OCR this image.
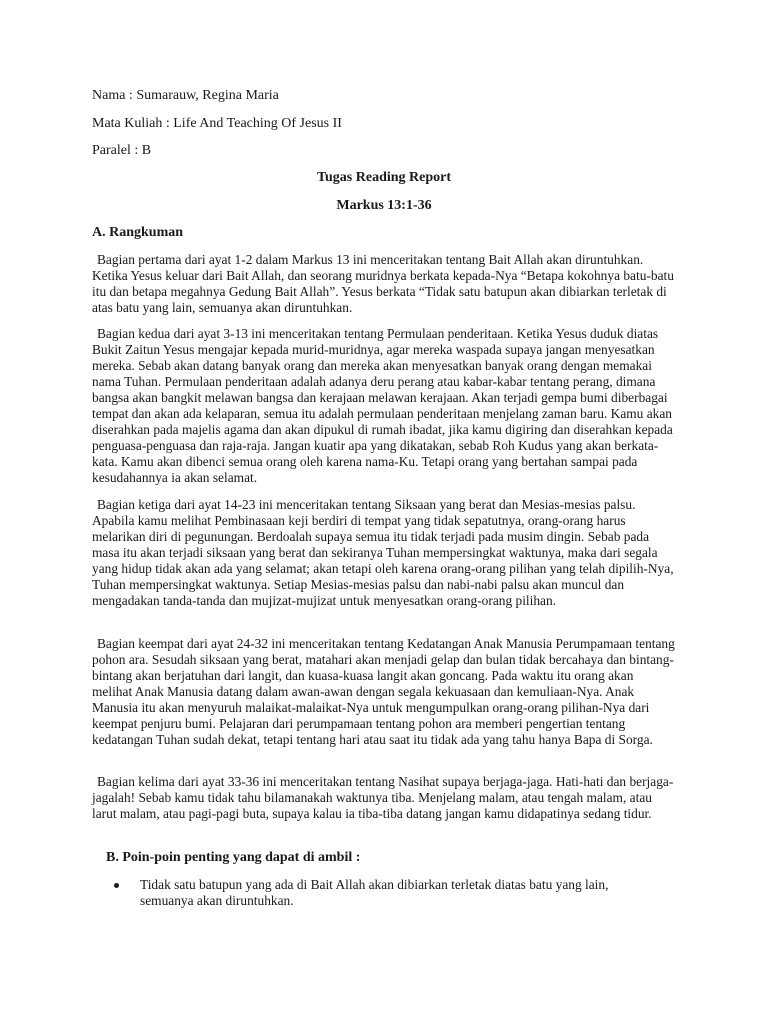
Nama : Sumarauw, Regina Maria
Mata Kuliah : Life And Teaching Of Jesus II
Paralel : B
Tugas Reading Report
Markus 13:1-36
A. Rangkuman

Bagian pertama dari ayat 1-2 dalam Markus 13 ini menceritakan tentang Bait Allah akan diruntuhkan. Ketika Yesus keluar dari Bait Allah, dan seorang muridnya berkata kepada-Nya “Betapa kokohnya batu-batu itu dan betapa megahnya Gedung Bait Allah”. Yesus berkata “Tidak satu batupun akan dibiarkan terletak di atas batu yang lain, semuanya akan diruntuhkan.

Bagian kedua dari ayat 3-13 ini menceritakan tentang Permulaan penderitaan. Ketika Yesus duduk diatas Bukit Zaitun Yesus mengajar kepada murid-muridnya, agar mereka waspada supaya jangan menyesatkan mereka. Sebab akan datang banyak orang dan mereka akan menyesatkan banyak orang dengan memakai nama Tuhan. Permulaan penderitaan adalah adanya deru perang atau kabar-kabar tentang perang, dimana bangsa akan bangkit melawan bangsa dan kerajaan melawan kerajaan. Akan terjadi gempa bumi diberbagai tempat dan akan ada kelaparan, semua itu adalah permulaan penderitaan menjelang zaman baru. Kamu akan diserahkan pada majelis agama dan akan dipukul di rumah ibadat, jika kamu digiring dan diserahkan kepada penguasa-penguasa dan raja-raja. Jangan kuatir apa yang dikatakan, sebab Roh Kudus yang akan berkata-kata. Kamu akan dibenci semua orang oleh karena nama-Ku. Tetapi orang yang bertahan sampai pada kesudahannya ia akan selamat.

Bagian ketiga dari ayat 14-23 ini menceritakan tentang Siksaan yang berat dan Mesias-mesias palsu. Apabila kamu melihat Pembinasaan keji berdiri di tempat yang tidak sepatutnya, orang-orang harus melarikan diri di pegunungan. Berdoalah supaya semua itu tidak terjadi pada musim dingin. Sebab pada masa itu akan terjadi siksaan yang berat dan sekiranya Tuhan mempersingkat waktunya, maka dari segala yang hidup tidak akan ada yang selamat; akan tetapi oleh karena orang-orang pilihan yang telah dipilih-Nya, Tuhan mempersingkat waktunya. Setiap Mesias-mesias palsu dan nabi-nabi palsu akan muncul dan mengadakan tanda-tanda dan mujizat-mujizat untuk menyesatkan orang-orang pilihan.

Bagian keempat dari ayat 24-32 ini menceritakan tentang Kedatangan Anak Manusia Perumpamaan tentang pohon ara. Sesudah siksaan yang berat, matahari akan menjadi gelap dan bulan tidak bercahaya dan bintang-bintang akan berjatuhan dari langit, dan kuasa-kuasa langit akan goncang. Pada waktu itu orang akan melihat Anak Manusia datang dalam awan-awan dengan segala kekuasaan dan kemuliaan-Nya. Anak Manusia itu akan menyuruh malaikat-malaikat-Nya untuk mengumpulkan orang-orang pilihan-Nya dari keempat penjuru bumi. Pelajaran dari perumpamaan tentang pohon ara memberi pengertian tentang kedatangan Tuhan sudah dekat, tetapi tentang hari atau saat itu tidak ada yang tahu hanya Bapa di Sorga.

Bagian kelima dari ayat 33-36 ini menceritakan tentang Nasihat supaya berjaga-jaga. Hati-hati dan berjaga-jagalah! Sebab kamu tidak tahu bilamanakah waktunya tiba. Menjelang malam, atau tengah malam, atau larut malam, atau pagi-pagi buta, supaya kalau ia tiba-tiba datang jangan kamu didapatinya sedang tidur.

B. Poin-poin penting yang dapat di ambil :
Tidak satu batupun yang ada di Bait Allah akan dibiarkan terletak diatas batu yang lain, semuanya akan diruntuhkan.
